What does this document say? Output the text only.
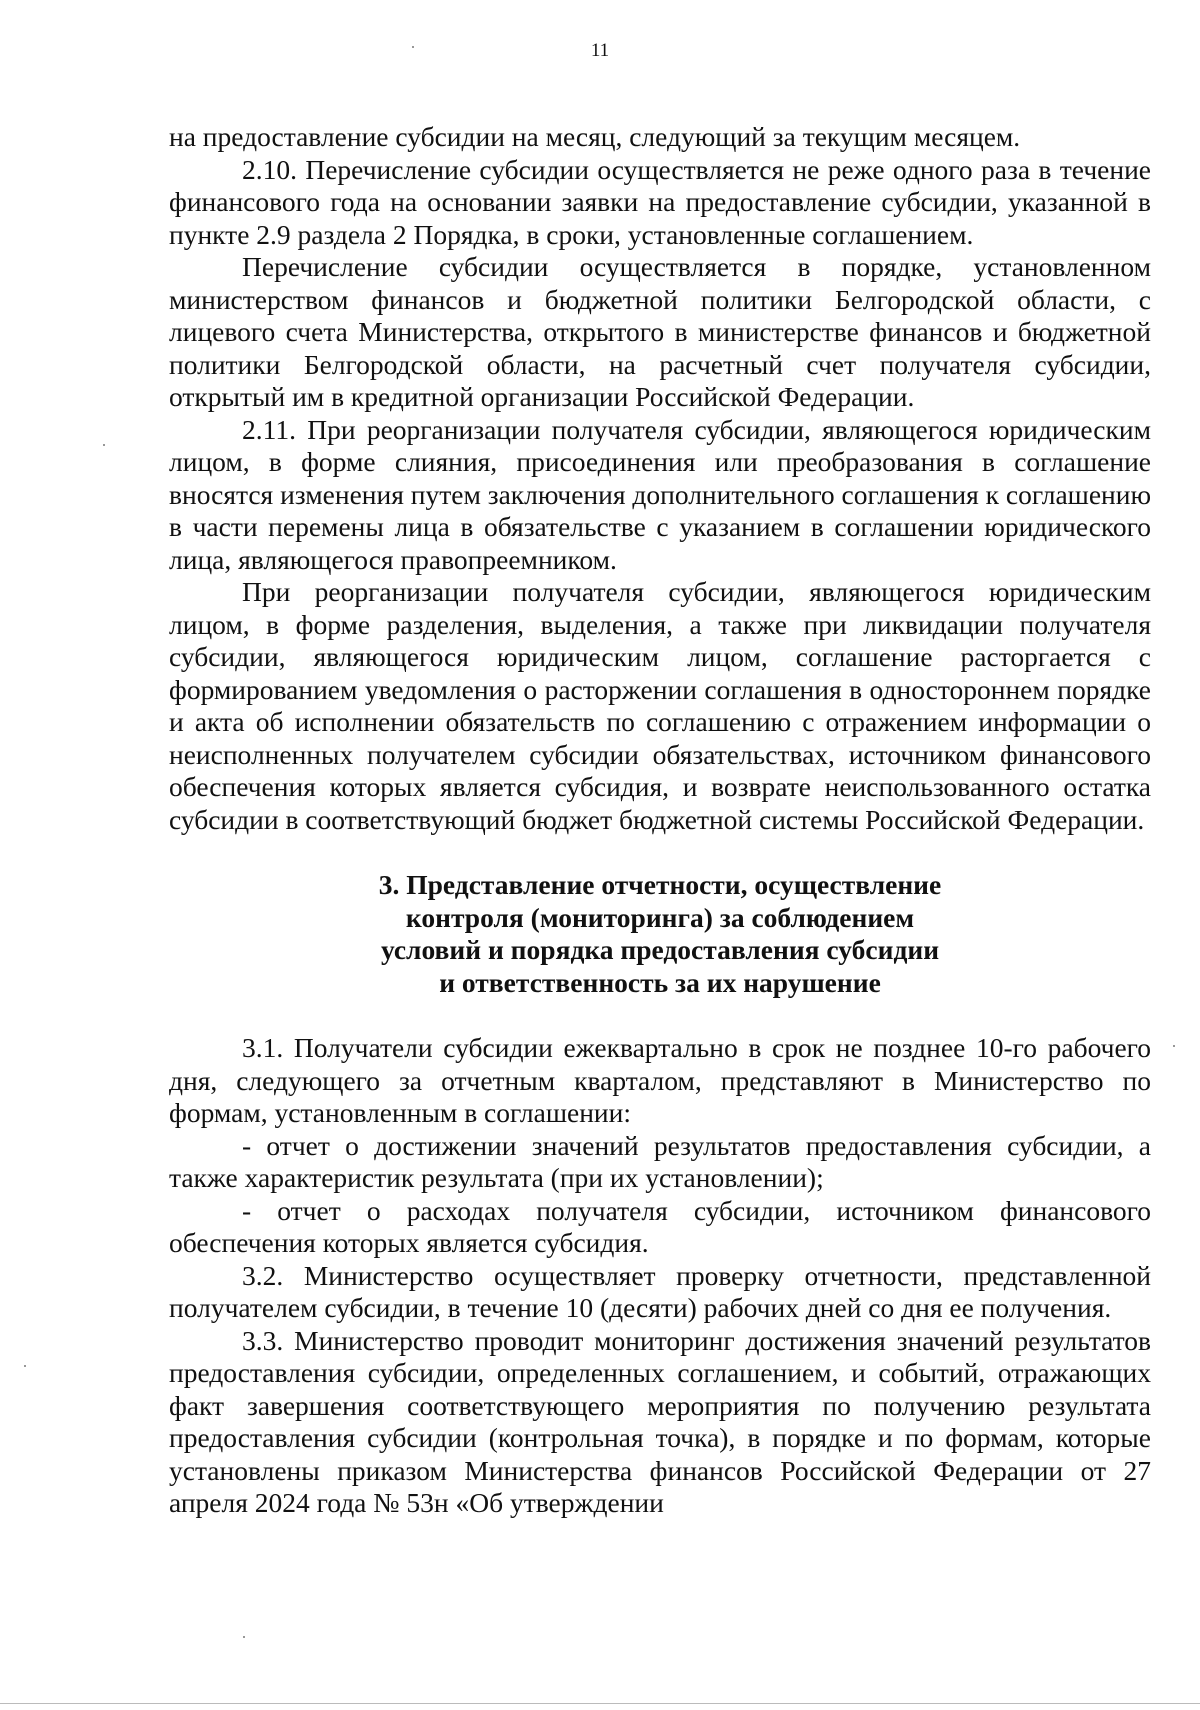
11

на предоставление субсидии на месяц, следующий за текущим месяцем.

2.10. Перечисление субсидии осуществляется не реже одного раза в течение финансового года на основании заявки на предоставление субсидии, указанной в пункте 2.9 раздела 2 Порядка, в сроки, установленные соглашением.

Перечисление субсидии осуществляется в порядке, установленном министерством финансов и бюджетной политики Белгородской области, с лицевого счета Министерства, открытого в министерстве финансов и бюджетной политики Белгородской области, на расчетный счет получателя субсидии, открытый им в кредитной организации Российской Федерации.

2.11. При реорганизации получателя субсидии, являющегося юридическим лицом, в форме слияния, присоединения или преобразования в соглашение вносятся изменения путем заключения дополнительного соглашения к соглашению в части перемены лица в обязательстве с указанием в соглашении юридического лица, являющегося правопреемником.

При реорганизации получателя субсидии, являющегося юридическим лицом, в форме разделения, выделения, а также при ликвидации получателя субсидии, являющегося юридическим лицом, соглашение расторгается с формированием уведомления о расторжении соглашения в одностороннем порядке и акта об исполнении обязательств по соглашению с отражением информации о неисполненных получателем субсидии обязательствах, источником финансового обеспечения которых является субсидия, и возврате неиспользованного остатка субсидии в соответствующий бюджет бюджетной системы Российской Федерации.

3. Представление отчетности, осуществление
контроля (мониторинга) за соблюдением
условий и порядка предоставления субсидии
и ответственность за их нарушение

3.1. Получатели субсидии ежеквартально в срок не позднее 10-го рабочего дня, следующего за отчетным кварталом, представляют в Министерство по формам, установленным в соглашении:

- отчет о достижении значений результатов предоставления субсидии, а также характеристик результата (при их установлении);

- отчет о расходах получателя субсидии, источником финансового обеспечения которых является субсидия.

3.2. Министерство осуществляет проверку отчетности, представленной получателем субсидии, в течение 10 (десяти) рабочих дней со дня ее получения.

3.3. Министерство проводит мониторинг достижения значений результатов предоставления субсидии, определенных соглашением, и событий, отражающих факт завершения соответствующего мероприятия по получению результата предоставления субсидии (контрольная точка), в порядке и по формам, которые установлены приказом Министерства финансов Российской Федерации от 27 апреля 2024 года № 53н «Об утверждении
